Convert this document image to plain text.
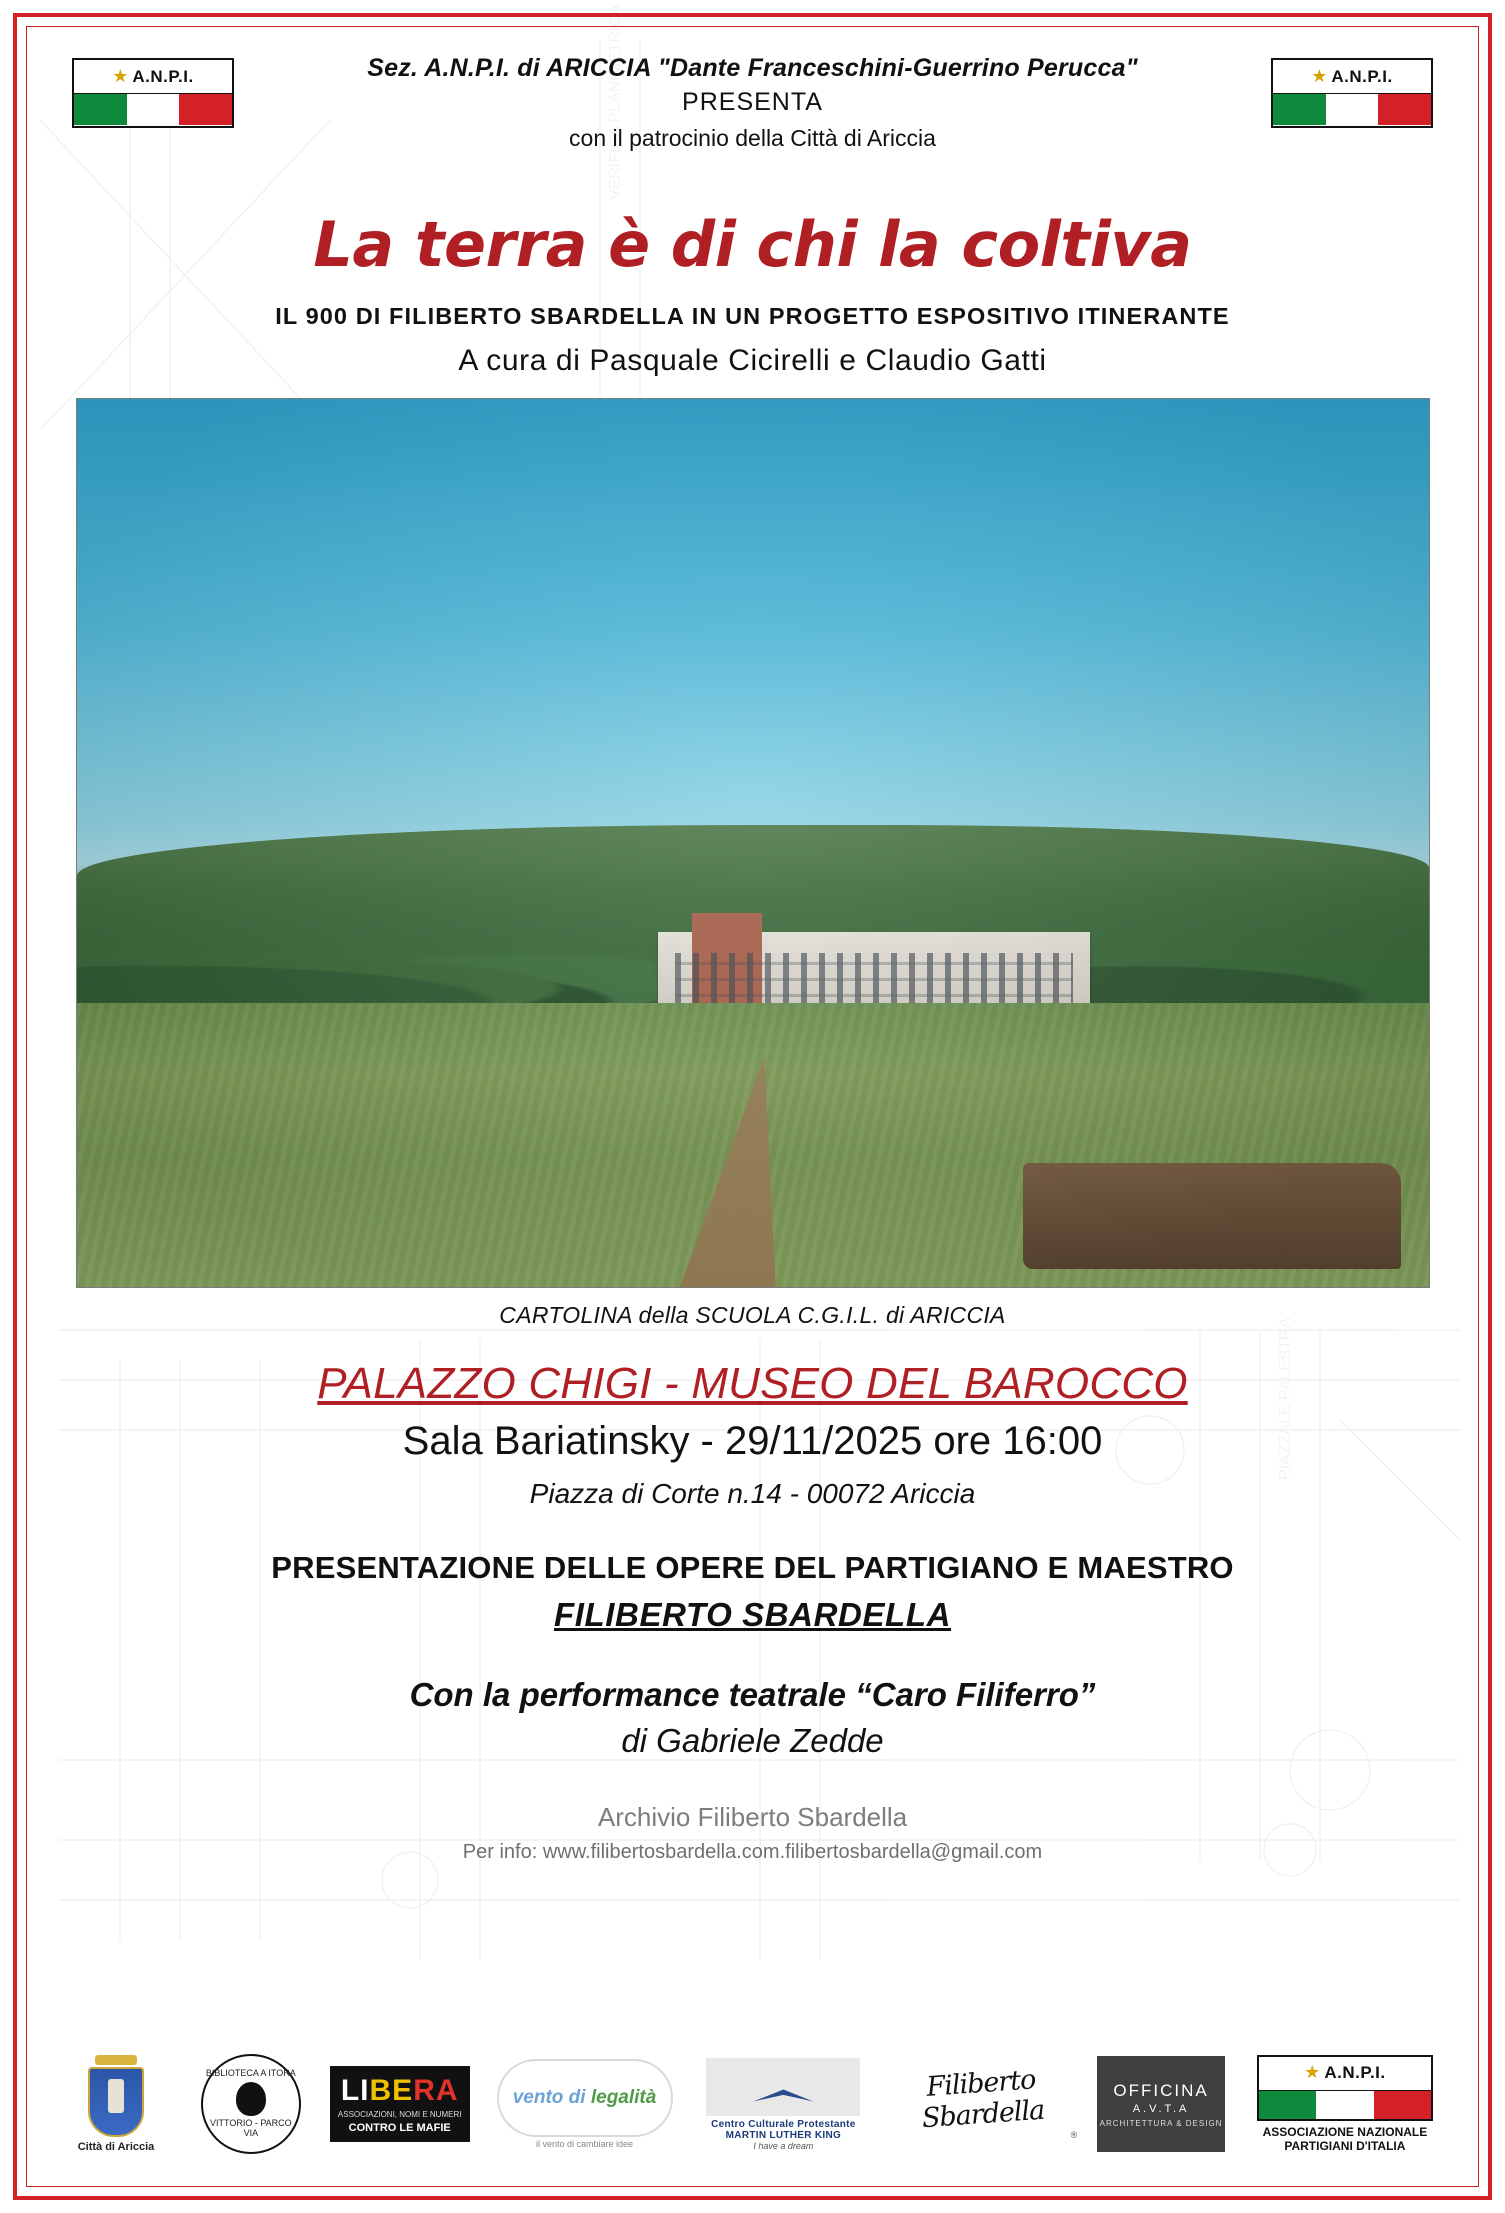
VERIFICA PLANIMETRICA
PIAZZALE PALESTRA
★ A.N.P.I.	★ A.N.P.I.
Sez. A.N.P.I. di ARICCIA "Dante Franceschini-Guerrino Perucca"
PRESENTA
con il patrocinio della Città di Ariccia
La terra è di chi la coltiva
IL 900 DI FILIBERTO SBARDELLA IN UN PROGETTO ESPOSITIVO ITINERANTE
A cura di Pasquale Cicirelli e Claudio Gatti
CARTOLINA della SCUOLA C.G.I.L. di ARICCIA
PALAZZO CHIGI - MUSEO DEL BAROCCO
Sala Bariatinsky - 29/11/2025 ore 16:00
Piazza di Corte n.14 - 00072 Ariccia
PRESENTAZIONE DELLE OPERE DEL PARTIGIANO E MAESTRO
FILIBERTO SBARDELLA
Con la performance teatrale “Caro Filiferro”
di Gabriele Zedde
Archivio Filiberto Sbardella
Per info: www.filibertosbardella.com.filibertosbardella@gmail.com
Città di Ariccia
BIBLIOTECA A ITORA
VITTORIO - PARCO VIA
LIBERA
ASSOCIAZIONI, NOMI E NUMERI
CONTRO LE MAFIE
vento di legalità
il vento di cambiare idee
Centro Culturale Protestante MARTIN LUTHER KING
I have a dream
Filiberto Sbardella
®
OFFICINA
A.V.T.A
ARCHITETTURA & DESIGN
★ A.N.P.I.
ASSOCIAZIONE NAZIONALE PARTIGIANI D'ITALIA
